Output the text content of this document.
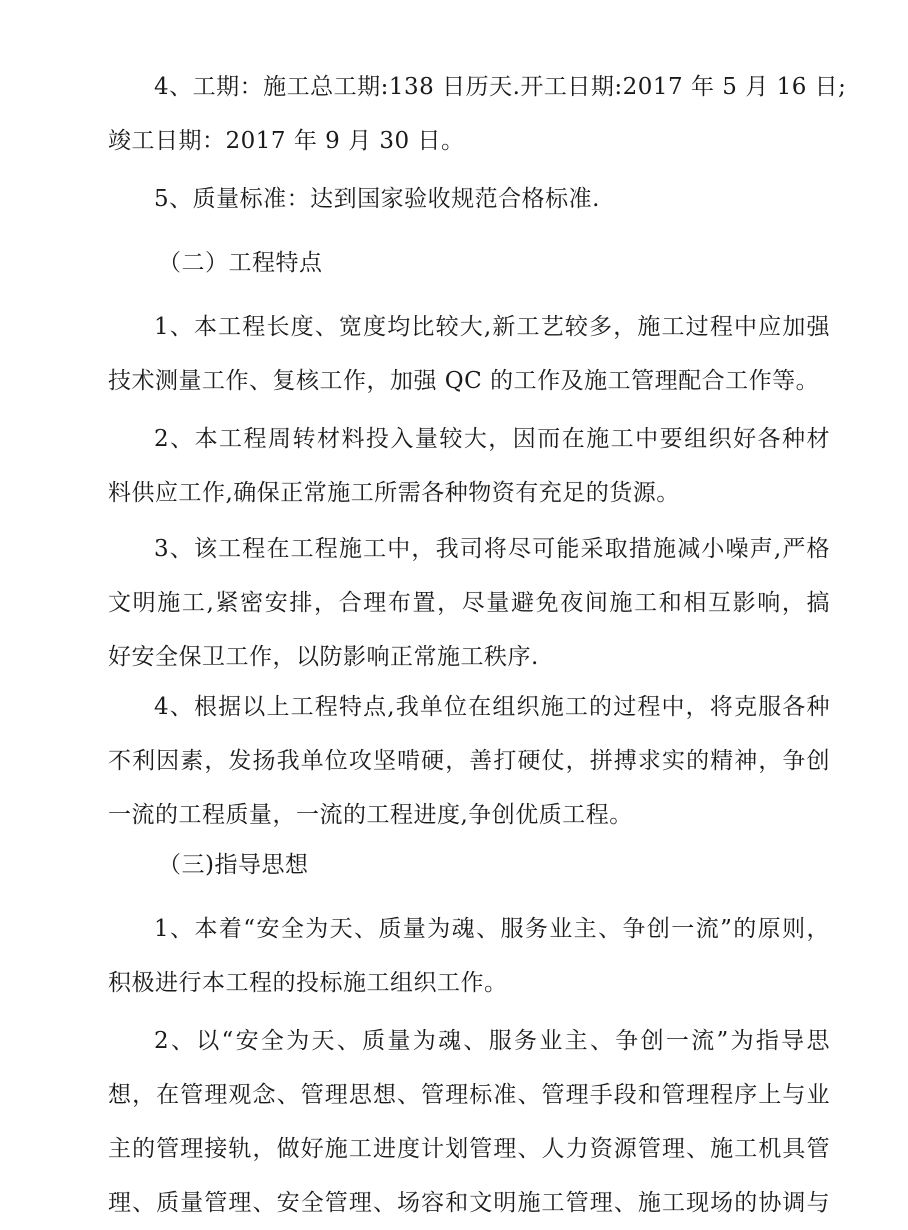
4、工期：施工总工期:138 日历天.开工日期:2017 年 5 月 16 日;
竣工日期：2017 年 9 月 30 日。

5、质量标准：达到国家验收规范合格标准.

（二）工程特点

1、本工程长度、宽度均比较大,新工艺较多，施工过程中应加强
技术测量工作、复核工作，加强 QC 的工作及施工管理配合工作等。

2、本工程周转材料投入量较大，因而在施工中要组织好各种材
料供应工作,确保正常施工所需各种物资有充足的货源。

3、该工程在工程施工中，我司将尽可能采取措施减小噪声,严格
文明施工,紧密安排，合理布置，尽量避免夜间施工和相互影响，搞
好安全保卫工作，以防影响正常施工秩序.

4、根据以上工程特点,我单位在组织施工的过程中，将克服各种
不利因素，发扬我单位攻坚啃硬，善打硬仗，拼搏求实的精神，争创
一流的工程质量，一流的工程进度,争创优质工程。

（三)指导思想

1、本着“安全为天、质量为魂、服务业主、争创一流”的原则，
积极进行本工程的投标施工组织工作。

2、以“安全为天、质量为魂、服务业主、争创一流”为指导思
想，在管理观念、管理思想、管理标准、管理手段和管理程序上与业
主的管理接轨，做好施工进度计划管理、人力资源管理、施工机具管
理、质量管理、安全管理、场容和文明施工管理、施工现场的协调与
